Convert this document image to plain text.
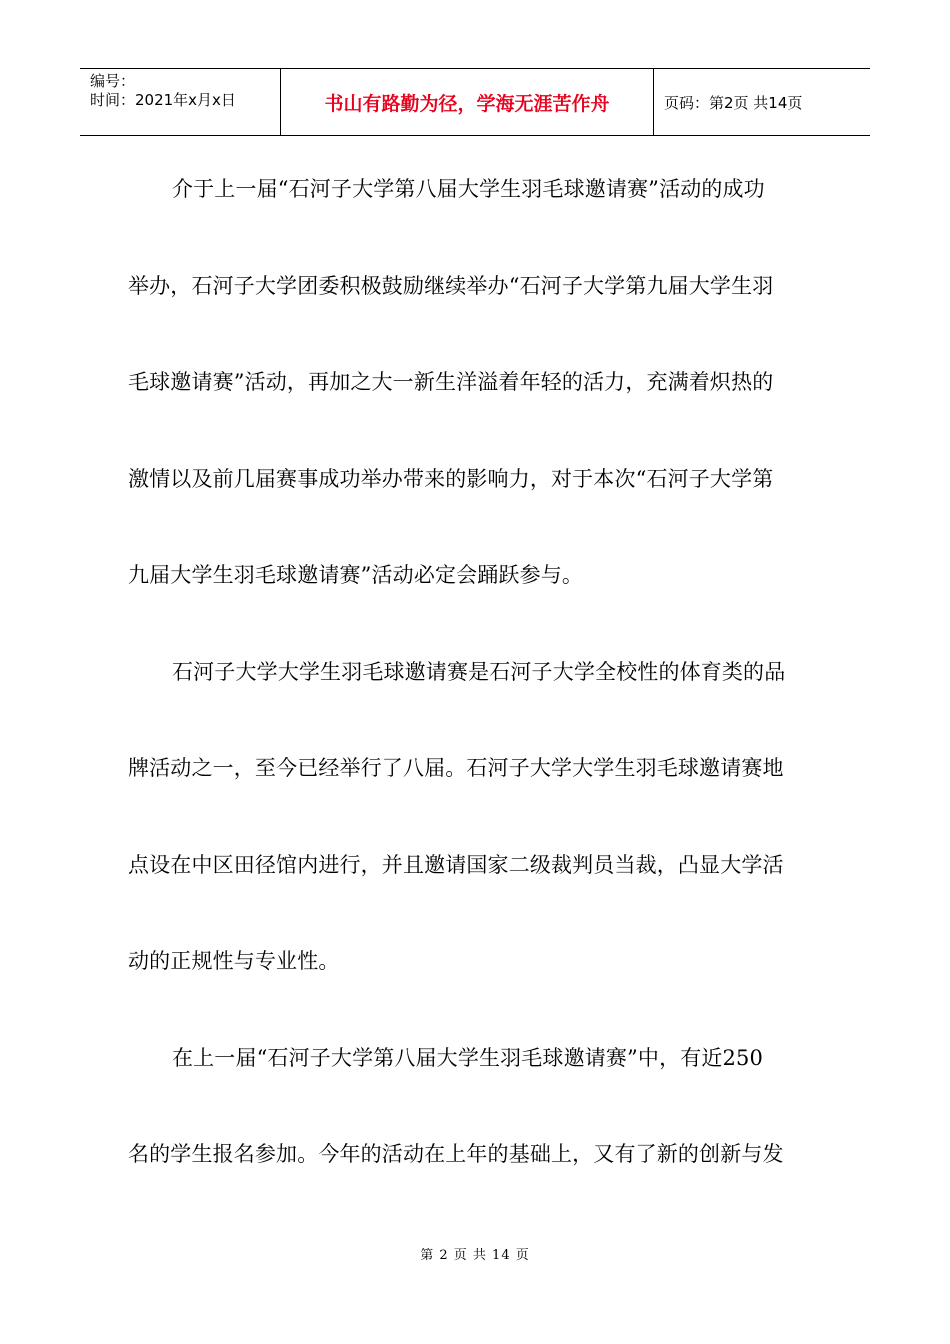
编号：
时间：2021年x月x日	书山有路勤为径，学海无涯苦作舟	页码：第2页 共14页
介于上一届“石河子大学第八届大学生羽毛球邀请赛”活动的成功
举办，石河子大学团委积极鼓励继续举办“石河子大学第九届大学生羽
毛球邀请赛”活动，再加之大一新生洋溢着年轻的活力，充满着炽热的
激情以及前几届赛事成功举办带来的影响力，对于本次“石河子大学第
九届大学生羽毛球邀请赛”活动必定会踊跃参与。
石河子大学大学生羽毛球邀请赛是石河子大学全校性的体育类的品
牌活动之一，至今已经举行了八届。石河子大学大学生羽毛球邀请赛地
点设在中区田径馆内进行，并且邀请国家二级裁判员当裁，凸显大学活
动的正规性与专业性。
在上一届“石河子大学第八届大学生羽毛球邀请赛”中，有近250
名的学生报名参加。今年的活动在上年的基础上，又有了新的创新与发
第 2 页 共 14 页
